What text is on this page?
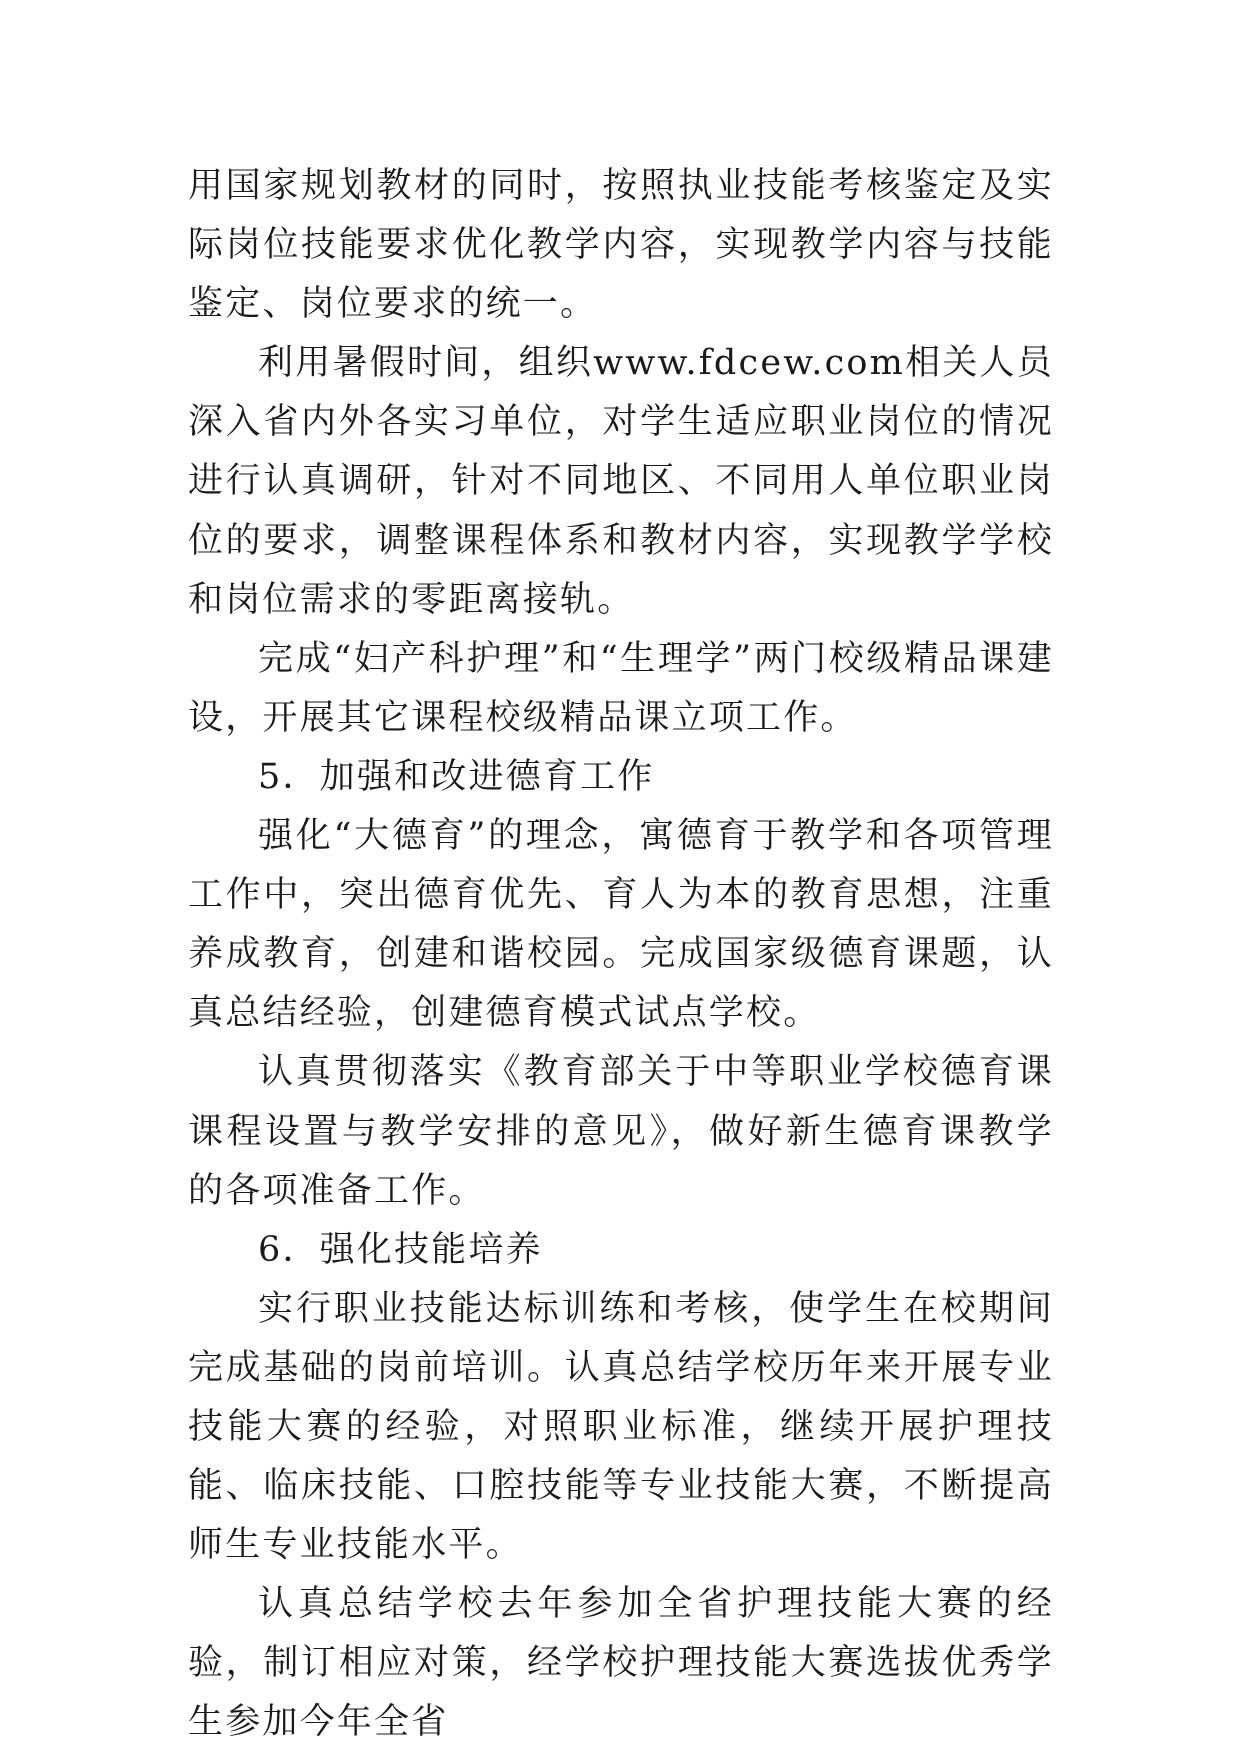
用国家规划教材的同时，按照执业技能考核鉴定及实际岗位技能要求优化教学内容，实现教学内容与技能鉴定、岗位要求的统一。

利用暑假时间，组织www.fdcew.com相关人员深入省内外各实习单位，对学生适应职业岗位的情况进行认真调研，针对不同地区、不同用人单位职业岗位的要求，调整课程体系和教材内容，实现教学学校和岗位需求的零距离接轨。

完成“妇产科护理”和“生理学”两门校级精品课建设，开展其它课程校级精品课立项工作。

5．加强和改进德育工作

强化“大德育”的理念，寓德育于教学和各项管理工作中，突出德育优先、育人为本的教育思想，注重养成教育，创建和谐校园。完成国家级德育课题，认真总结经验，创建德育模式试点学校。

认真贯彻落实《教育部关于中等职业学校德育课课程设置与教学安排的意见》，做好新生德育课教学的各项准备工作。

6．强化技能培养

实行职业技能达标训练和考核，使学生在校期间完成基础的岗前培训。认真总结学校历年来开展专业技能大赛的经验，对照职业标准，继续开展护理技能、临床技能、口腔技能等专业技能大赛，不断提高师生专业技能水平。

认真总结学校去年参加全省护理技能大赛的经验，制订相应对策，经学校护理技能大赛选拔优秀学生参加今年全省
